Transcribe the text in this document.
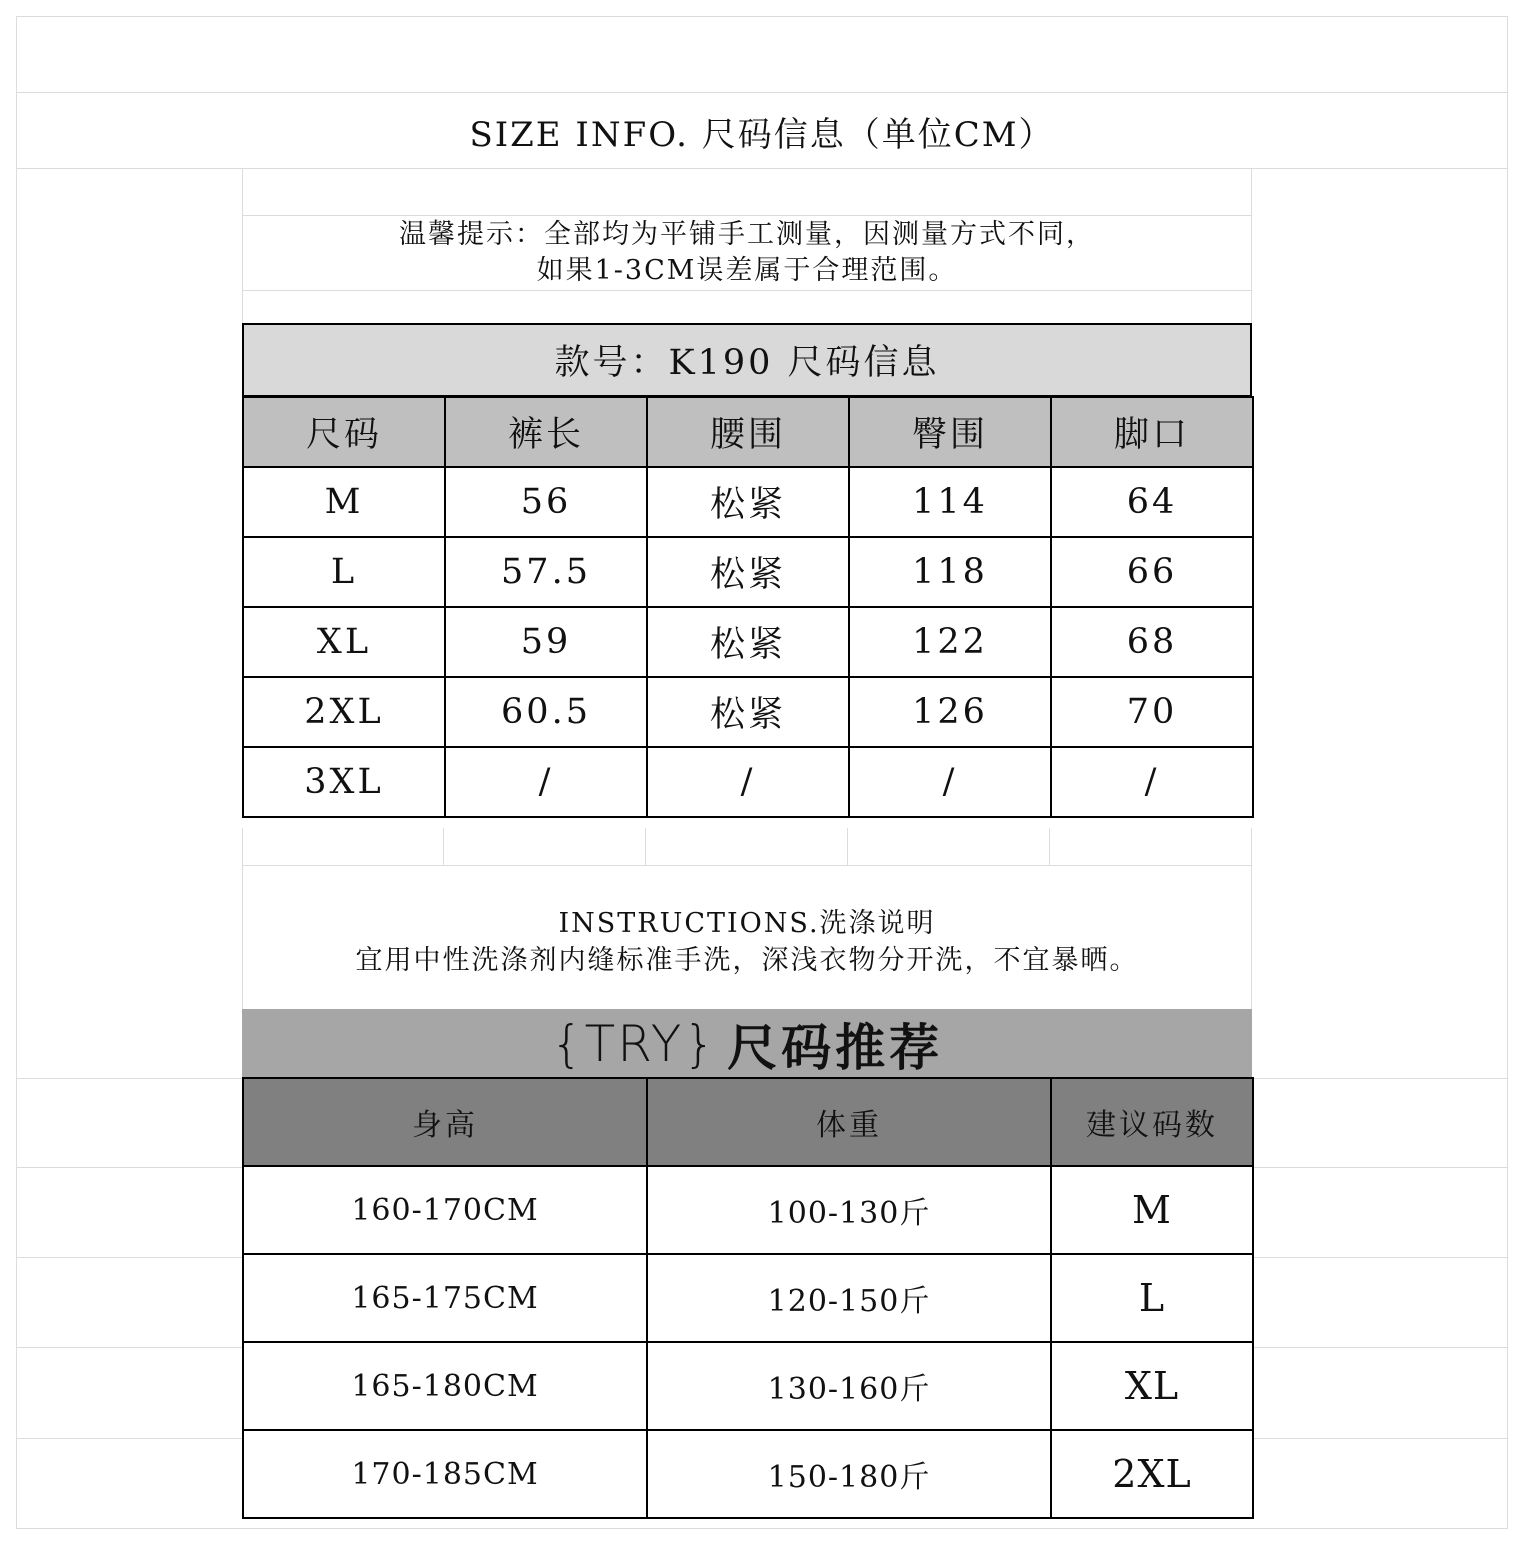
SIZE INFO. 尺码信息（单位CM）
温馨提示：全部均为平铺手工测量，因测量方式不同，
如果1-3CM误差属于合理范围。
款号：K190 尺码信息
尺码	裤长	腰围	臀围	脚口
M	56	松紧	114	64
L	57.5	松紧	118	66
XL	59	松紧	122	68
2XL	60.5	松紧	126	70
3XL	/	/	/	/
INSTRUCTIONS.洗涤说明
宜用中性洗涤剂内缝标准手洗，深浅衣物分开洗，不宜暴晒。
{TRY} 尺码推荐
身高	体重	建议码数
160-170CM	100-130斤	M
165-175CM	120-150斤	L
165-180CM	130-160斤	XL
170-185CM	150-180斤	2XL
